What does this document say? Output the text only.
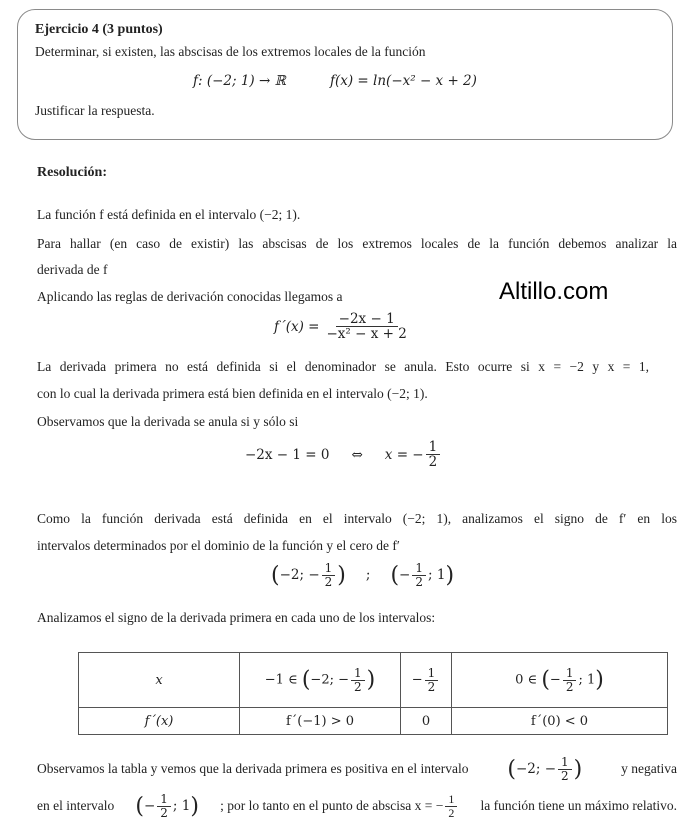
Ejercicio 4 (3 puntos)
Determinar, si existen, las abscisas de los extremos locales de la función
f: (−2; 1) → ℝ	f(x) = ln(−x² − x + 2)
Justificar la respuesta.
Resolución:
La función f está definida en el intervalo (−2; 1).
Para hallar (en caso de existir) las abscisas de los extremos locales de la función debemos analizar la
derivada de f
Aplicando las reglas de derivación conocidas llegamos a	Altillo.com
f´(x) = $\frac{-2x - 1}{\text{−x² − x + 2}}$
La derivada primera no está definida si el denominador se anula. Esto ocurre si x = −2 y x = 1,
con lo cual la derivada primera está bien definida en el intervalo (−2; 1).
Observamos que la derivada se anula si y sólo si
−2x − 1 = 0 ⇔ x = − $\frac{1}{2}$
Como la función derivada está definida en el intervalo (−2; 1), analizamos el signo de f′ en los
intervalos determinados por el dominio de la función y el cero de f′
( −2; − $\frac{1}{2}$ ) ; ( − $\frac{1}{2}$ ; 1 )
Analizamos el signo de la derivada primera en cada uno de los intervalos:
x	−1 ∈ (−2; − $\frac{1}{2}$ )	− $\frac{1}{2}$	0 ∈ (− $\frac{1}{2}$ ; 1)
f´(x)	f´(−1) > 0	0	f´(0) < 0
Observamos la tabla y vemos que la derivada primera es positiva en el intervalo ( −2; − $\frac{1}{2}$ )	y negativa
en el intervalo ( − $\frac{1}{2}$ ; 1 ) ; por lo tanto en el punto de abscisa x = − $\frac{1}{2}$ la función tiene un máximo relativo.
